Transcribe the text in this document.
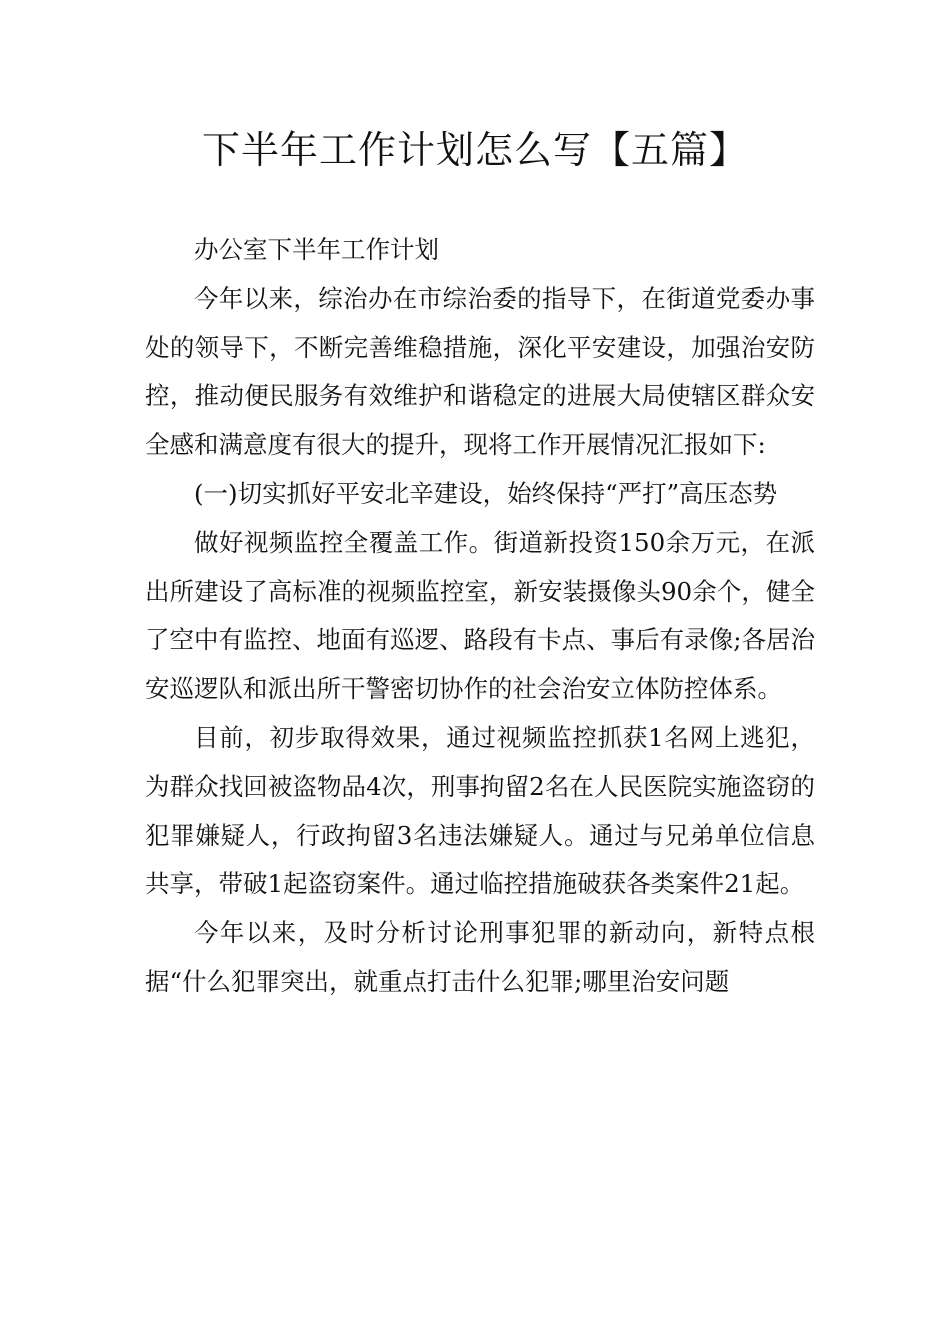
下半年工作计划怎么写【五篇】

办公室下半年工作计划

今年以来，综治办在市综治委的指导下，在街道党委办事处的领导下，不断完善维稳措施，深化平安建设，加强治安防控，推动便民服务有效维护和谐稳定的进展大局使辖区群众安全感和满意度有很大的提升，现将工作开展情况汇报如下:

(一)切实抓好平安北辛建设，始终保持“严打”高压态势

做好视频监控全覆盖工作。街道新投资150余万元，在派出所建设了高标准的视频监控室，新安装摄像头90余个，健全了空中有监控、地面有巡逻、路段有卡点、事后有录像;各居治安巡逻队和派出所干警密切协作的社会治安立体防控体系。

目前，初步取得效果，通过视频监控抓获1名网上逃犯，为群众找回被盗物品4次，刑事拘留2名在人民医院实施盗窃的犯罪嫌疑人，行政拘留3名违法嫌疑人。通过与兄弟单位信息共享，带破1起盗窃案件。通过临控措施破获各类案件21起。

今年以来，及时分析讨论刑事犯罪的新动向，新特点根据“什么犯罪突出，就重点打击什么犯罪;哪里治安问题
